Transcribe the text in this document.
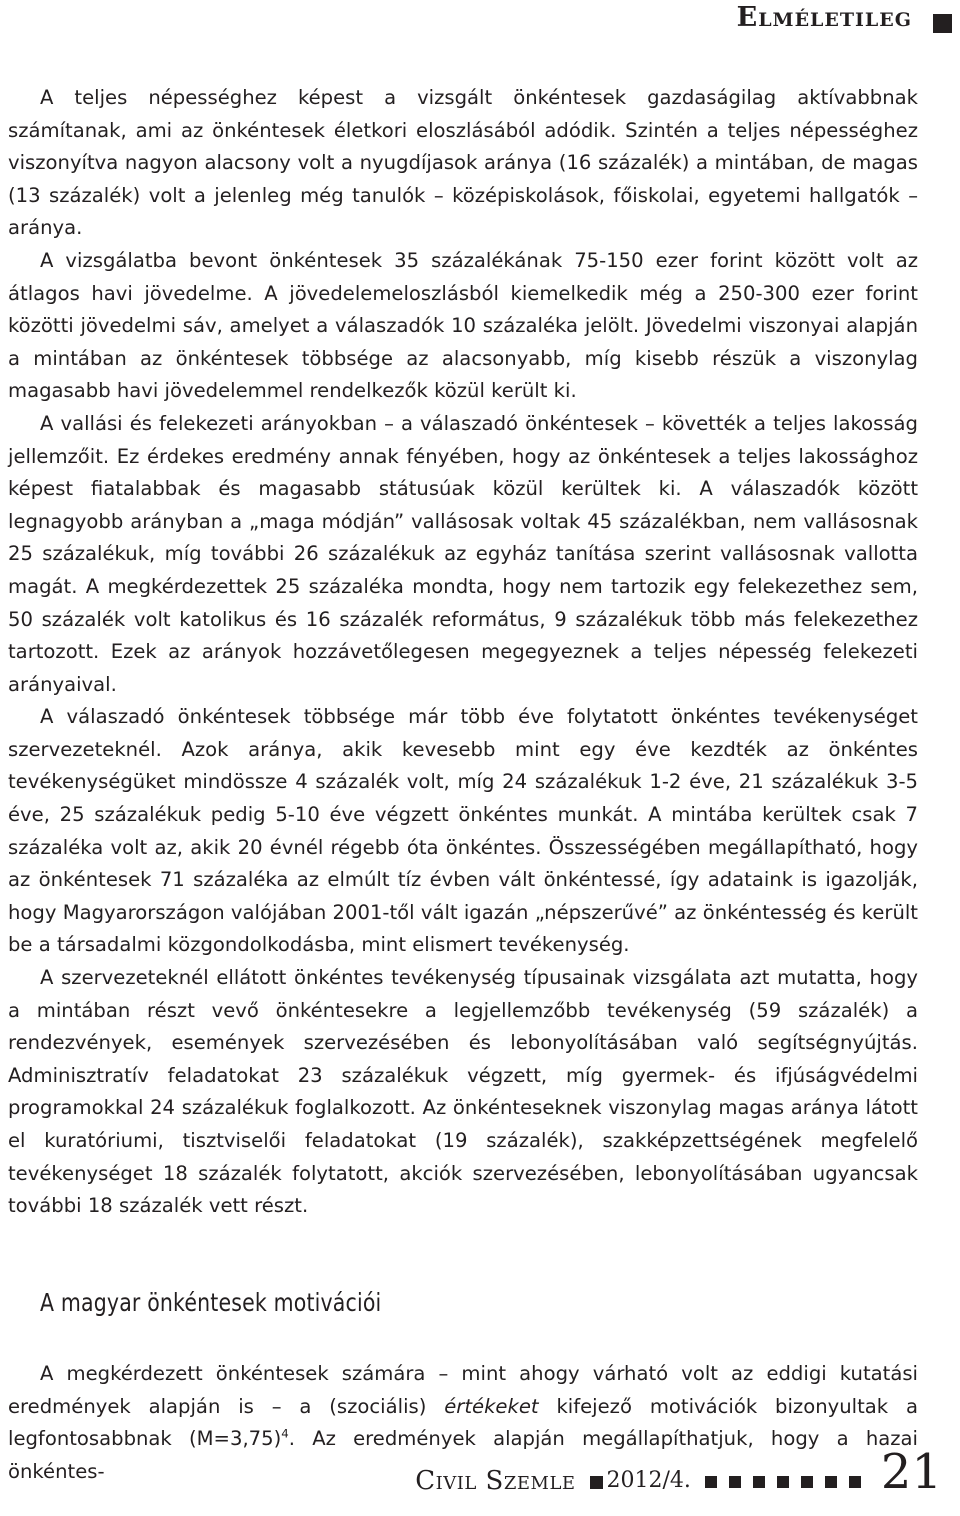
Elméletileg

A teljes népességhez képest a vizsgált önkéntesek gazdaságilag aktívabbnak számítanak, ami az önkéntesek életkori eloszlásából adódik. Szintén a teljes népességhez viszonyítva nagyon alacsony volt a nyugdíjasok aránya (16 százalék) a mintában, de magas (13 százalék) volt a jelenleg még tanulók – középiskolások, főiskolai, egyetemi hallgatók – aránya.

A vizsgálatba bevont önkéntesek 35 százalékának 75-150 ezer forint között volt az átlagos havi jövedelme. A jövedelemeloszlásból kiemelkedik még a 250-300 ezer forint közötti jövedelmi sáv, amelyet a válaszadók 10 százaléka jelölt. Jövedelmi viszonyai alapján a mintában az önkéntesek többsége az alacsonyabb, míg kisebb részük a viszonylag magasabb havi jövedelemmel rendelkezők közül került ki.

A vallási és felekezeti arányokban – a válaszadó önkéntesek – követték a teljes lakosság jellemzőit. Ez érdekes eredmény annak fényében, hogy az önkéntesek a teljes lakossághoz képest fiatalabbak és magasabb státusúak közül kerültek ki. A válaszadók között legnagyobb arányban a „maga módján” vallásosak voltak 45 százalékban, nem vallásosnak 25 százalékuk, míg további 26 százalékuk az egyház tanítása szerint vallásosnak vallotta magát. A megkérdezettek 25 százaléka mondta, hogy nem tartozik egy felekezethez sem, 50 százalék volt katolikus és 16 százalék református, 9 százalékuk több más felekezethez tartozott. Ezek az arányok hozzávetőlegesen megegyeznek a teljes népesség felekezeti arányaival.

A válaszadó önkéntesek többsége már több éve folytatott önkéntes tevékenységet szervezeteknél. Azok aránya, akik kevesebb mint egy éve kezdték az önkéntes tevékenységüket mindössze 4 százalék volt, míg 24 százalékuk 1-2 éve, 21 százalékuk 3-5 éve, 25 százalékuk pedig 5-10 éve végzett önkéntes munkát. A mintába kerültek csak 7 százaléka volt az, akik 20 évnél régebb óta önkéntes. Összességében megállapítható, hogy az önkéntesek 71 százaléka az elmúlt tíz évben vált önkéntessé, így adataink is igazolják, hogy Magyarországon valójában 2001-től vált igazán „népszerűvé” az önkéntesség és került be a társadalmi közgondolkodásba, mint elismert tevékenység.

A szervezeteknél ellátott önkéntes tevékenység típusainak vizsgálata azt mutatta, hogy a mintában részt vevő önkéntesekre a legjellemzőbb tevékenység (59 százalék) a rendezvények, események szervezésében és lebonyolításában való segítségnyújtás. Adminisztratív feladatokat 23 százalékuk végzett, míg gyermek- és ifjúságvédelmi programokkal 24 százalékuk foglalkozott. Az önkénteseknek viszonylag magas aránya látott el kuratóriumi, tisztviselői feladatokat (19 százalék), szakképzettségének megfelelő tevékenységet 18 százalék folytatott, akciók szervezésében, lebonyolításában ugyancsak további 18 százalék vett részt.

A magyar önkéntesek motivációi

A megkérdezett önkéntesek számára – mint ahogy várható volt az eddigi kutatási eredmények alapján is – a (szociális) értékeket kifejező motivációk bizonyultak a legfontosabbnak (M=3,75)$^4$. Az eredmények alapján megállapíthatjuk, hogy a hazai önkéntes-	Civil Szemle 2012/4.	21
